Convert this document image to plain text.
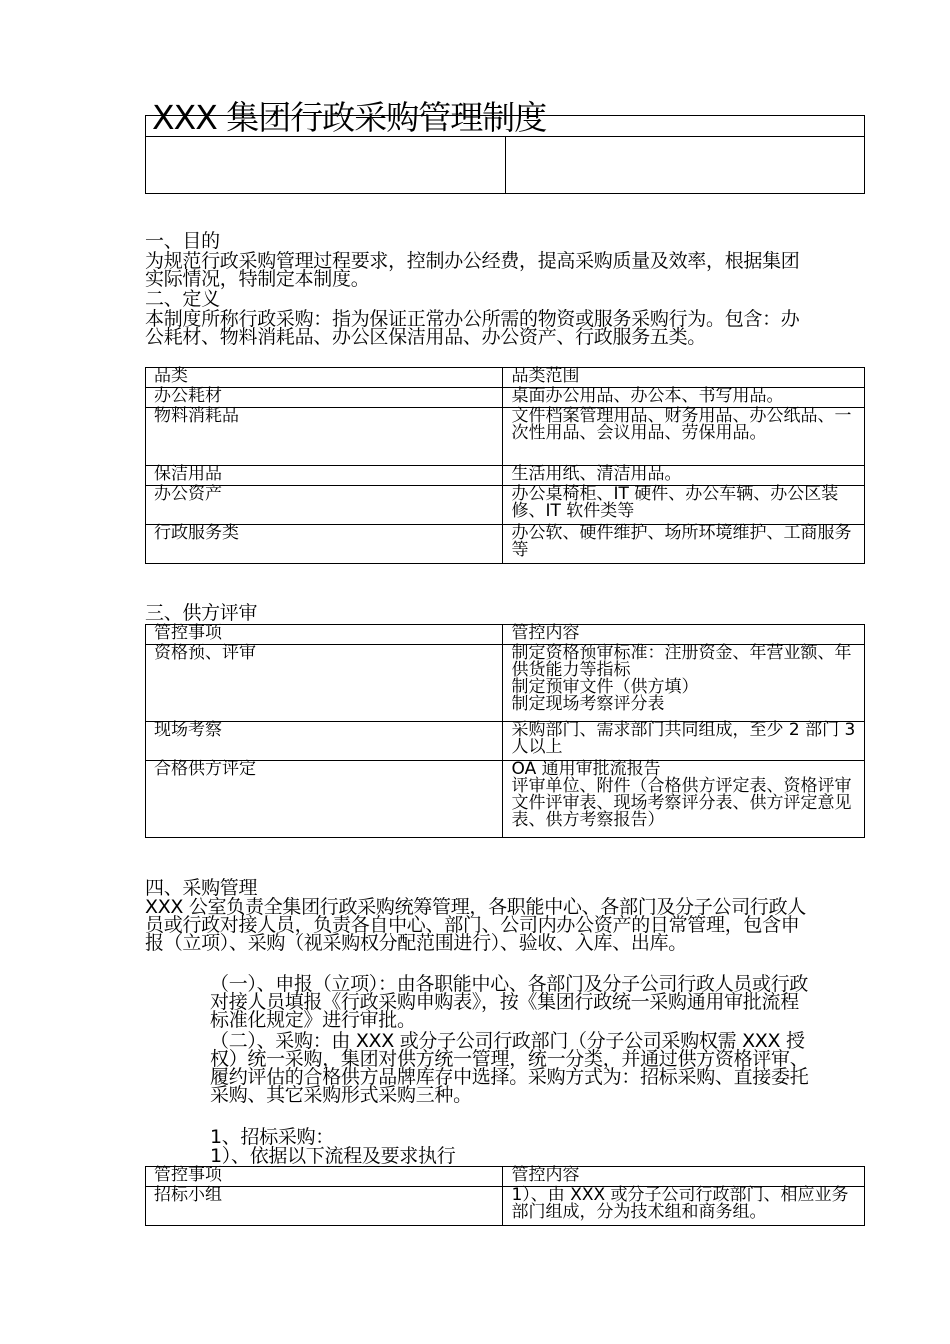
XXX 集团行政采购管理制度
一、目的
为规范行政采购管理过程要求，控制办公经费，提高采购质量及效率，根据集团实际情况，特制定本制度。
二、定义
本制度所称行政采购：指为保证正常办公所需的物资或服务采购行为。包含：办公耗材、物料消耗品、办公区保洁用品、办公资产、行政服务五类。
品类	品类范围
办公耗材	桌面办公用品、办公本、书写用品。
物料消耗品	文件档案管理用品、财务用品、办公纸品、一次性用品、会议用品、劳保用品。
保洁用品	生活用纸、清洁用品。
办公资产	办公桌椅柜、IT 硬件、办公车辆、办公区装修、IT 软件类等
行政服务类	办公软、硬件维护、场所环境维护、工商服务等
三、供方评审
管控事项	管控内容
资格预、评审	制定资格预审标准：注册资金、年营业额、年供货能力等指标
制定预审文件（供方填）
制定现场考察评分表

现场考察	采购部门、需求部门共同组成，至少 2 部门 3 人以上

合格供方评定	OA 通用审批流报告
评审单位、附件（合格供方评定表、资格评审文件评审表、现场考察评分表、供方评定意见表、供方考察报告）
四、采购管理
XXX 公室负责全集团行政采购统筹管理，各职能中心、各部门及分子公司行政人员或行政对接人员，负责各自中心、部门、公司内办公资产的日常管理，包含申报（立项）、采购（视采购权分配范围进行）、验收、入库、出库。
（一）、申报（立项）：由各职能中心、各部门及分子公司行政人员或行政对接人员填报《行政采购申购表》，按《集团行政统一采购通用审批流程标准化规定》进行审批。
（二）、采购：由 XXX 或分子公司行政部门（分子公司采购权需 XXX 授权）统一采购，集团对供方统一管理，统一分类，并通过供方资格评审、履约评估的合格供方品牌库存中选择。采购方式为：招标采购、直接委托采购、其它采购形式采购三种。
1、招标采购：
1）、依据以下流程及要求执行
管控事项	管控内容
招标小组	1）、由 XXX 或分子公司行政部门、相应业务部门组成，分为技术组和商务组。
